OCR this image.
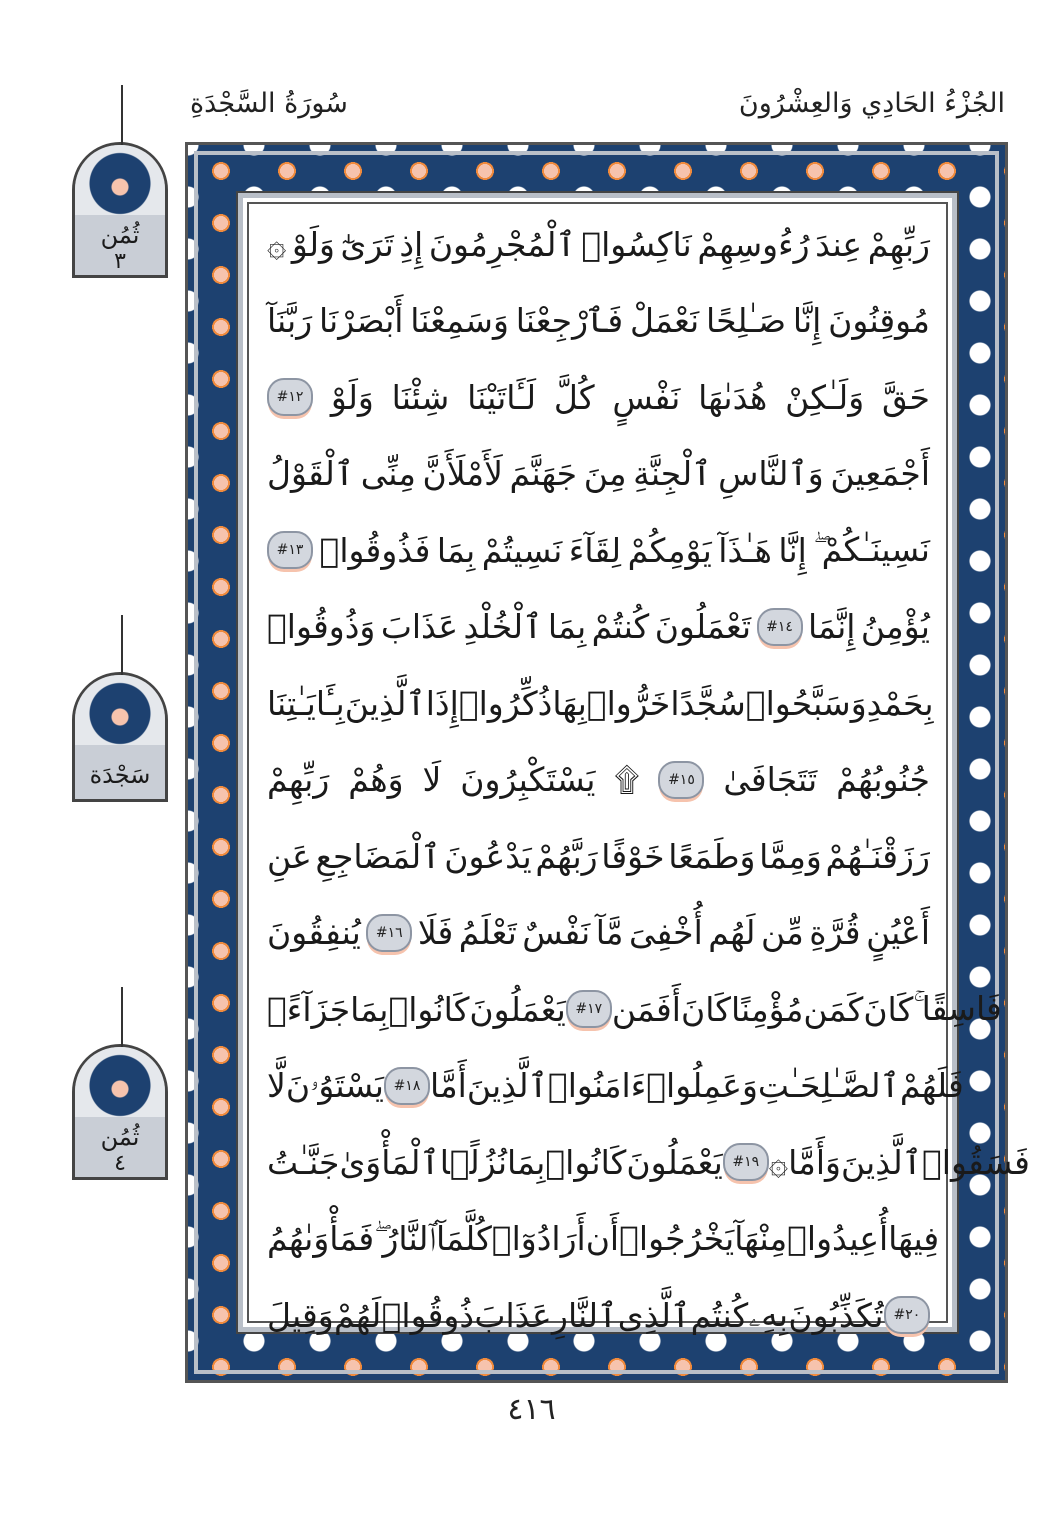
الجُزْءُ الحَادِي وَالعِشْرُونَ
سُورَةُ السَّجْدَةِ
ثُمُن
٣
سَجْدَة
ثُمُن
٤
۞ وَلَوْ تَرَىٰٓ إِذِ ٱلْمُجْرِمُونَ نَاكِسُوا۟ رُءُوسِهِمْ عِندَ رَبِّهِمْ
رَبَّنَآ أَبْصَرْنَا وَسَمِعْنَا فَٱرْجِعْنَا نَعْمَلْ صَـٰلِحًا إِنَّا مُوقِنُونَ
#١٢ وَلَوْ شِئْنَا لَـَٔاتَيْنَا كُلَّ نَفْسٍ هُدَىٰهَا وَلَـٰكِنْ حَقَّ
ٱلْقَوْلُ مِنِّى لَأَمْلَأَنَّ جَهَنَّمَ مِنَ ٱلْجِنَّةِ وَٱلنَّاسِ أَجْمَعِينَ
#١٣ فَذُوقُوا۟ بِمَا نَسِيتُمْ لِقَآءَ يَوْمِكُمْ هَـٰذَآ إِنَّا نَسِينَـٰكُمْ ۖ
وَذُوقُوا۟ عَذَابَ ٱلْخُلْدِ بِمَا كُنتُمْ تَعْمَلُونَ	#١٤ إِنَّمَا يُؤْمِنُ
بِـَٔايَـٰتِنَا ٱلَّذِينَ إِذَا ذُكِّرُوا۟ بِهَا خَرُّوا۟ سُجَّدًا وَسَبَّحُوا۟ بِحَمْدِ
رَبِّهِمْ وَهُمْ لَا يَسْتَكْبِرُونَ ۩	#١٥ تَتَجَافَىٰ جُنُوبُهُمْ
عَنِ ٱلْمَضَاجِعِ يَدْعُونَ رَبَّهُمْ خَوْفًا وَطَمَعًا وَمِمَّا رَزَقْنَـٰهُمْ
يُنفِقُونَ	#١٦ فَلَا تَعْلَمُ نَفْسٌ مَّآ أُخْفِىَ لَهُم مِّن قُرَّةِ أَعْيُنٍ
جَزَآءًۢ بِمَا كَانُوا۟ يَعْمَلُونَ #١٧ أَفَمَن كَانَ مُؤْمِنًا كَمَن كَانَ فَاسِقًا ۚ
لَّا يَسْتَوُۥنَ #١٨ أَمَّا ٱلَّذِينَ ءَامَنُوا۟ وَعَمِلُوا۟ ٱلصَّـٰلِحَـٰتِ فَلَهُمْ
جَنَّـٰتُ ٱلْمَأْوَىٰ نُزُلًۢا بِمَا كَانُوا۟ يَعْمَلُونَ #١٩ ۞ وَأَمَّا ٱلَّذِينَ فَسَقُوا۟
فَمَأْوَىٰهُمُ ٱلنَّارُ ۖ كُلَّمَآ أَرَادُوٓا۟ أَن يَخْرُجُوا۟ مِنْهَآ أُعِيدُوا۟ فِيهَا
وَقِيلَ لَهُمْ ذُوقُوا۟ عَذَابَ ٱلنَّارِ ٱلَّذِى كُنتُم بِهِۦ تُكَذِّبُونَ #٢٠
٤١٦
